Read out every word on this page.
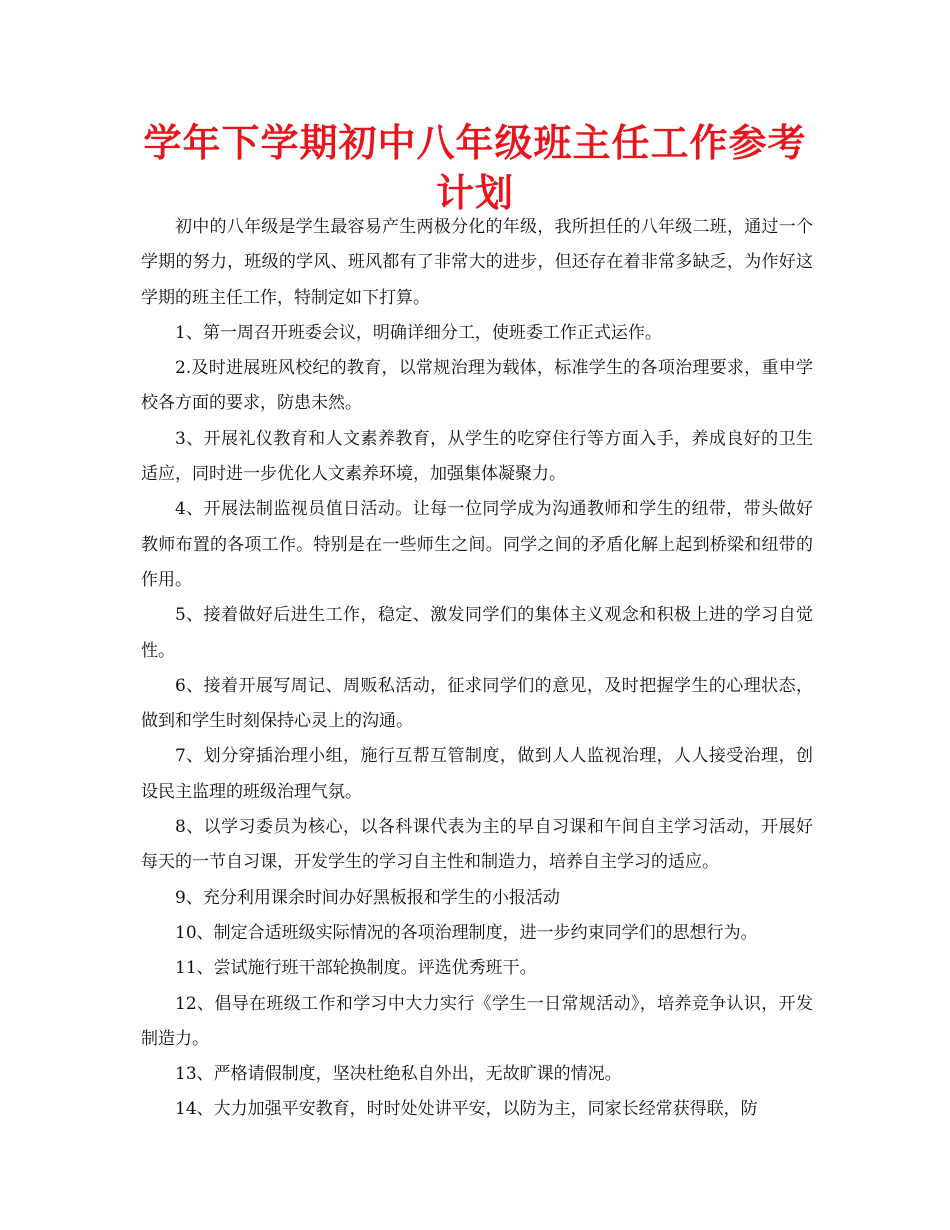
学年下学期初中八年级班主任工作参考计划

初中的八年级是学生最容易产生两极分化的年级，我所担任的八年级二班，通过一个学期的努力，班级的学风、班风都有了非常大的进步，但还存在着非常多缺乏，为作好这学期的班主任工作，特制定如下打算。

1、第一周召开班委会议，明确详细分工，使班委工作正式运作。

2.及时进展班风校纪的教育，以常规治理为载体，标准学生的各项治理要求，重申学校各方面的要求，防患未然。

3、开展礼仪教育和人文素养教育，从学生的吃穿住行等方面入手，养成良好的卫生适应，同时进一步优化人文素养环境，加强集体凝聚力。

4、开展法制监视员值日活动。让每一位同学成为沟通教师和学生的纽带，带头做好教师布置的各项工作。特别是在一些师生之间。同学之间的矛盾化解上起到桥梁和纽带的作用。

5、接着做好后进生工作，稳定、激发同学们的集体主义观念和积极上进的学习自觉性。

6、接着开展写周记、周贩私活动，征求同学们的意见，及时把握学生的心理状态，做到和学生时刻保持心灵上的沟通。

7、划分穿插治理小组，施行互帮互管制度，做到人人监视治理，人人接受治理，创设民主监理的班级治理气氛。

8、以学习委员为核心，以各科课代表为主的早自习课和午间自主学习活动，开展好每天的一节自习课，开发学生的学习自主性和制造力，培养自主学习的适应。

9、充分利用课余时间办好黑板报和学生的小报活动

10、制定合适班级实际情况的各项治理制度，进一步约束同学们的思想行为。

11、尝试施行班干部轮换制度。评选优秀班干。

12、倡导在班级工作和学习中大力实行《学生一日常规活动》，培养竞争认识，开发制造力。

13、严格请假制度，坚决杜绝私自外出，无故旷课的情况。

14、大力加强平安教育，时时处处讲平安，以防为主，同家长经常获得联，防
